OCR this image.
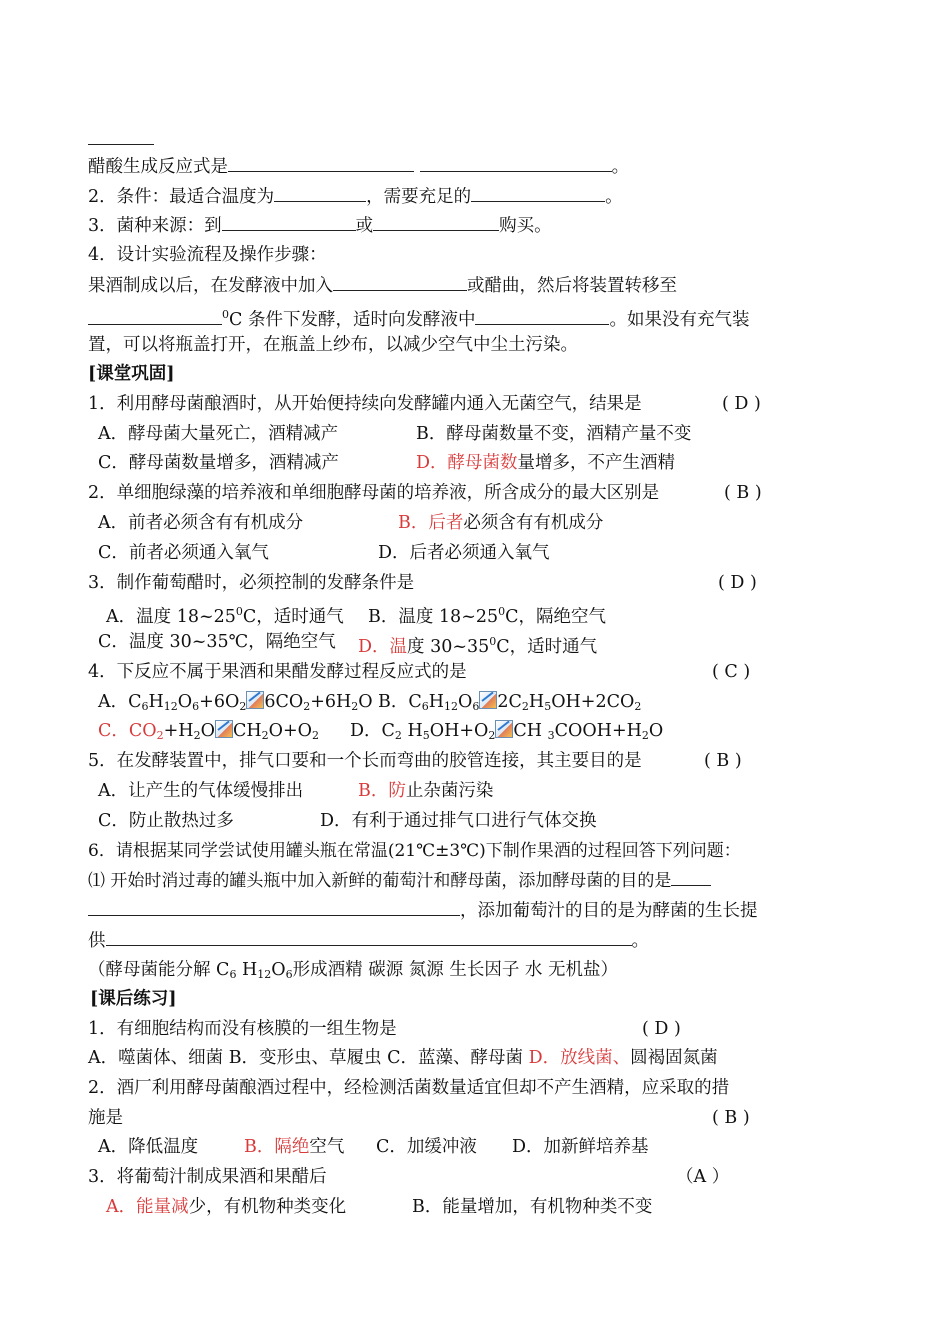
醋酸生成反应式是	。
2．条件：最适合温度为	，需要充足的	。
3．菌种来源：到	或	购买。
4．设计实验流程及操作步骤：
果酒制成以后，在发酵液中加入	或醋曲，然后将装置转移至
$^0$C 条件下发酵，适时向发酵液中	。如果没有充气装
置，可以将瓶盖打开，在瓶盖上纱布，以减少空气中尘土污染。
[课堂巩固]
1．利用酵母菌酿酒时，从开始便持续向发酵罐内通入无菌空气，结果是	( D )
A．酵母菌大量死亡，酒精减产	B．酵母菌数量不变，酒精产量不变
C．酵母菌数量增多，酒精减产	D．酵母菌数量增多，不产生酒精
2．单细胞绿藻的培养液和单细胞酵母菌的培养液，所含成分的最大区别是	( B )
A．前者必须含有有机成分	B．后者必须含有有机成分
C．前者必须通入氧气	D．后者必须通入氧气
3．制作葡萄醋时，必须控制的发酵条件是	( D )
A．温度 $18\sim 25^0C$，适时通气 B．温度 $18\sim 25^0C$，隔绝空气
C．温度 30~35℃，隔绝空气 D．温度 $30\sim 35^0C$，适时通气
4．下反应不属于果酒和果醋发酵过程反应式的是	( C )
A．$C_6H_{12}O_6+6O_2$ $6CO_2+6H_2O$ B．$C_6H_{12}O_6$ $2C_2H_5OH+2CO_2$
C．$CO_2+H_2O$ $CH_2O+O_2$ D．$C_2$ $H_5OH+O_2$ CH $_3COOH+H_2O$
5．在发酵装置中，排气口要和一个长而弯曲的胶管连接，其主要目的是	( B )
A．让产生的气体缓慢排出	B．防止杂菌污染
C．防止散热过多	D．有利于通过排气口进行气体交换
6．请根据某同学尝试使用罐头瓶在常温(21℃±3℃)下制作果酒的过程回答下列问题：
⑴ 开始时消过毒的罐头瓶中加入新鲜的葡萄汁和酵母菌，添加酵母菌的目的是
，添加葡萄汁的目的是为酵菌的生长提
供	。
（酵母菌能分解 $C_6$ $H_{12}O_6$形成酒精 碳源 氮源 生长因子 水 无机盐）
[课后练习]
1．有细胞结构而没有核膜的一组生物是	( D )
A．噬菌体、细菌 B．变形虫、草履虫 C．蓝藻、酵母菌 D．放线菌、圆褐固氮菌
2．酒厂利用酵母菌酿酒过程中，经检测活菌数量适宜但却不产生酒精，应采取的措
施是	( B )
A．降低温度	B．隔绝空气 C．加缓冲液 D．加新鲜培养基
3．将葡萄汁制成果酒和果醋后	（A ）
A．能量减少，有机物种类变化	B．能量增加，有机物种类不变
